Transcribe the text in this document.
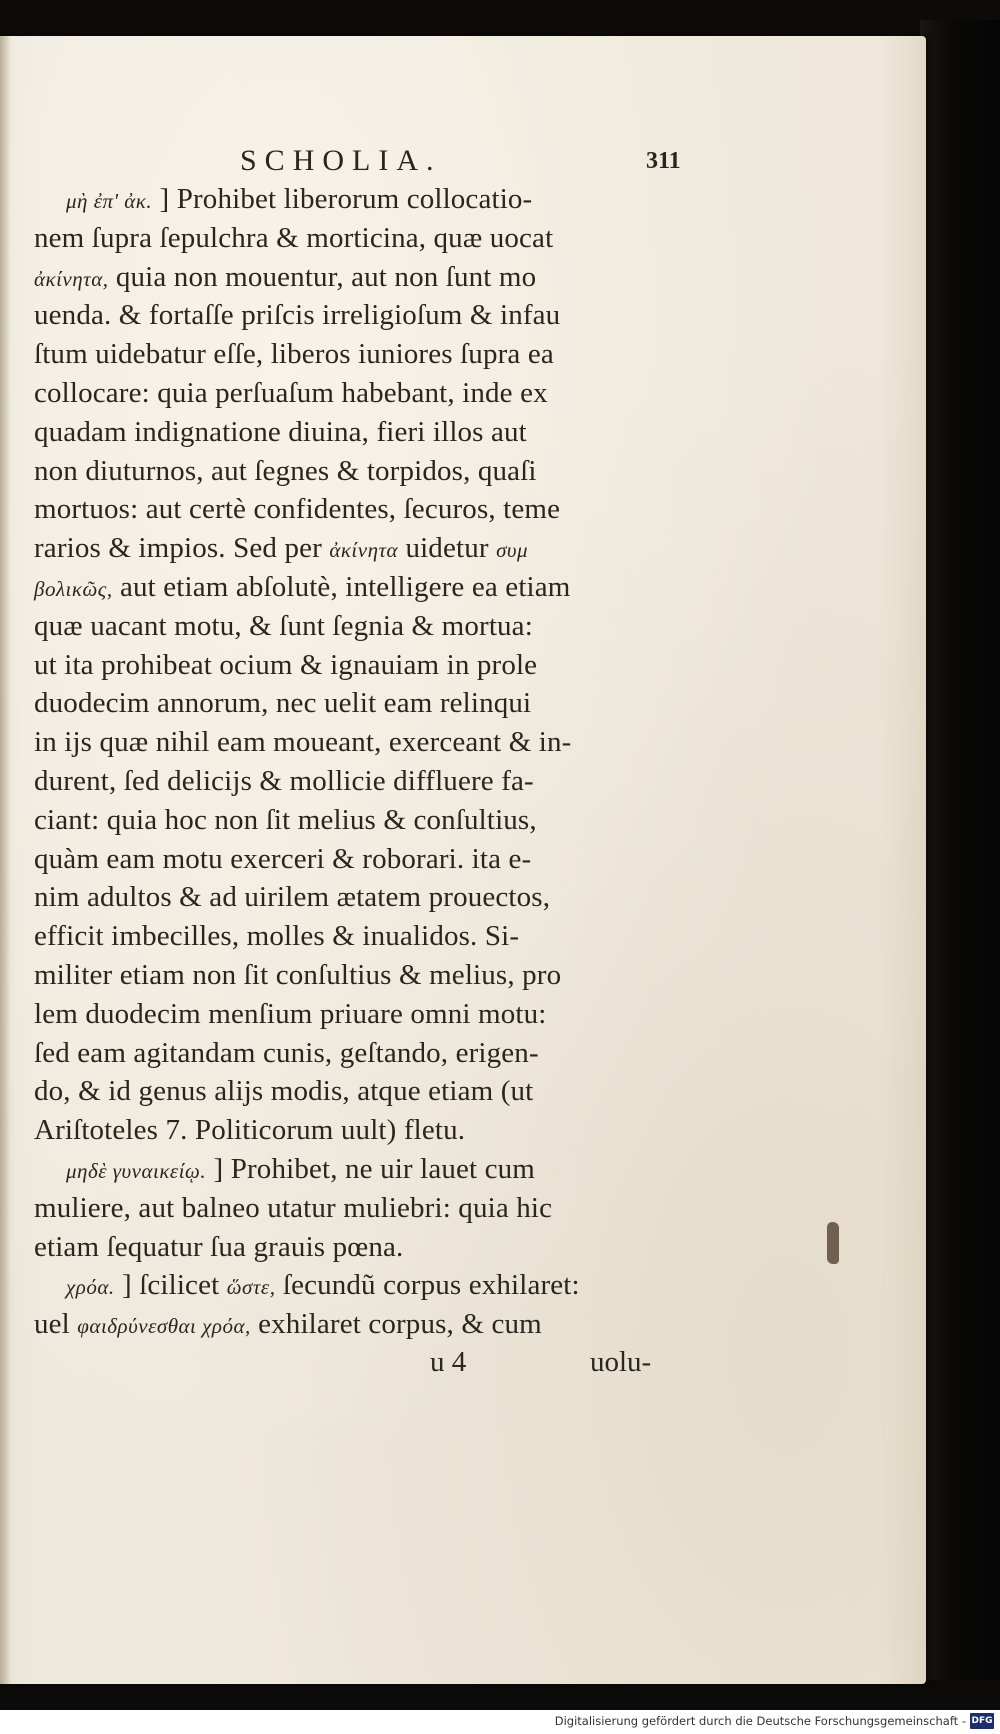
SCHOLIA.	311
μὴ ἐπ' ἀκ. ] Prohibet liberorum collocatio-
nem ſupra ſepulchra & morticina, quæ uocat
ἀκίνητα, quia non mouentur, aut non ſunt mo
uenda. & fortaſſe priſcis irreligioſum & infau
ſtum uidebatur eſſe, liberos iuniores ſupra ea
collocare: quia perſuaſum habebant, inde ex
quadam indignatione diuina, fieri illos aut
non diuturnos, aut ſegnes & torpidos, quaſi
mortuos: aut certè confidentes, ſecuros, teme
rarios & impios. Sed per ἀκίνητα uidetur συμ
βολικῶς, aut etiam abſolutè, intelligere ea etiam
quæ uacant motu, & ſunt ſegnia & mortua:
ut ita prohibeat ocium & ignauiam in prole
duodecim annorum, nec uelit eam relinqui
in ijs quæ nihil eam moueant, exerceant & in-
durent, ſed delicijs & mollicie diffluere fa-
ciant: quia hoc non ſit melius & conſultius,
quàm eam motu exerceri & roborari. ita e-
nim adultos & ad uirilem ætatem prouectos,
efficit imbecilles, molles & inualidos. Si-
militer etiam non ſit conſultius & melius, pro
lem duodecim menſium priuare omni motu:
ſed eam agitandam cunis, geſtando, erigen-
do, & id genus alijs modis, atque etiam (ut
Ariſtoteles 7. Politicorum uult) fletu.
μηδὲ γυναικείῳ. ] Prohibet, ne uir lauet cum
muliere, aut balneo utatur muliebri: quia hic
etiam ſequatur ſua grauis pœna.
χρόα. ] ſcilicet ὥστε, ſecundũ corpus exhilaret:
uel φαιδρύνεσθαι χρόα, exhilaret corpus, & cum
u 4	uolu-
Digitalisierung gefördert durch die Deutsche Forschungsgemeinschaft - DFG
